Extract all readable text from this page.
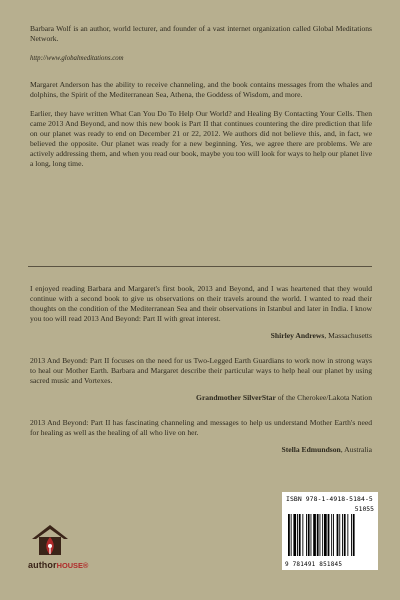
Barbara Wolf is an author, world lecturer, and founder of a vast internet organization called Global Meditations Network.

http://www.globalmeditations.com

Margaret Anderson has the ability to receive channeling, and the book contains messages from the whales and dolphins, the Spirit of the Mediterranean Sea, Athena, the Goddess of Wisdom, and more.

Earlier, they have written What Can You Do To Help Our World? and Healing By Contacting Your Cells. Then came 2013 And Beyond, and now this new book is Part II that continues countering the dire prediction that life on our planet was ready to end on December 21 or 22, 2012. We authors did not believe this, and, in fact, we believed the opposite. Our planet was ready for a new beginning. Yes, we agree there are problems. We are actively addressing them, and when you read our book, maybe you too will look for ways to help our planet live a long, long time.

I enjoyed reading Barbara and Margaret's first book, 2013 and Beyond, and I was heartened that they would continue with a second book to give us observations on their travels around the world. I wanted to read their thoughts on the condition of the Mediterranean Sea and their observations in Istanbul and later in India. I know you too will read 2013 And Beyond: Part II with great interest.

Shirley Andrews, Massachusetts

2013 And Beyond: Part II focuses on the need for us Two-Legged Earth Guardians to work now in strong ways to heal our Mother Earth. Barbara and Margaret describe their particular ways to help heal our planet by using sacred music and Vortexes.

Grandmother SilverStar of the Cherokee/Lakota Nation

2013 And Beyond: Part II has fascinating channeling and messages to help us understand Mother Earth's need for healing as well as the healing of all who live on her.

Stella Edmundson, Australia
authorHOUSE®
ISBN 978-1-4918-5184-5
51055
9 781491 851845
